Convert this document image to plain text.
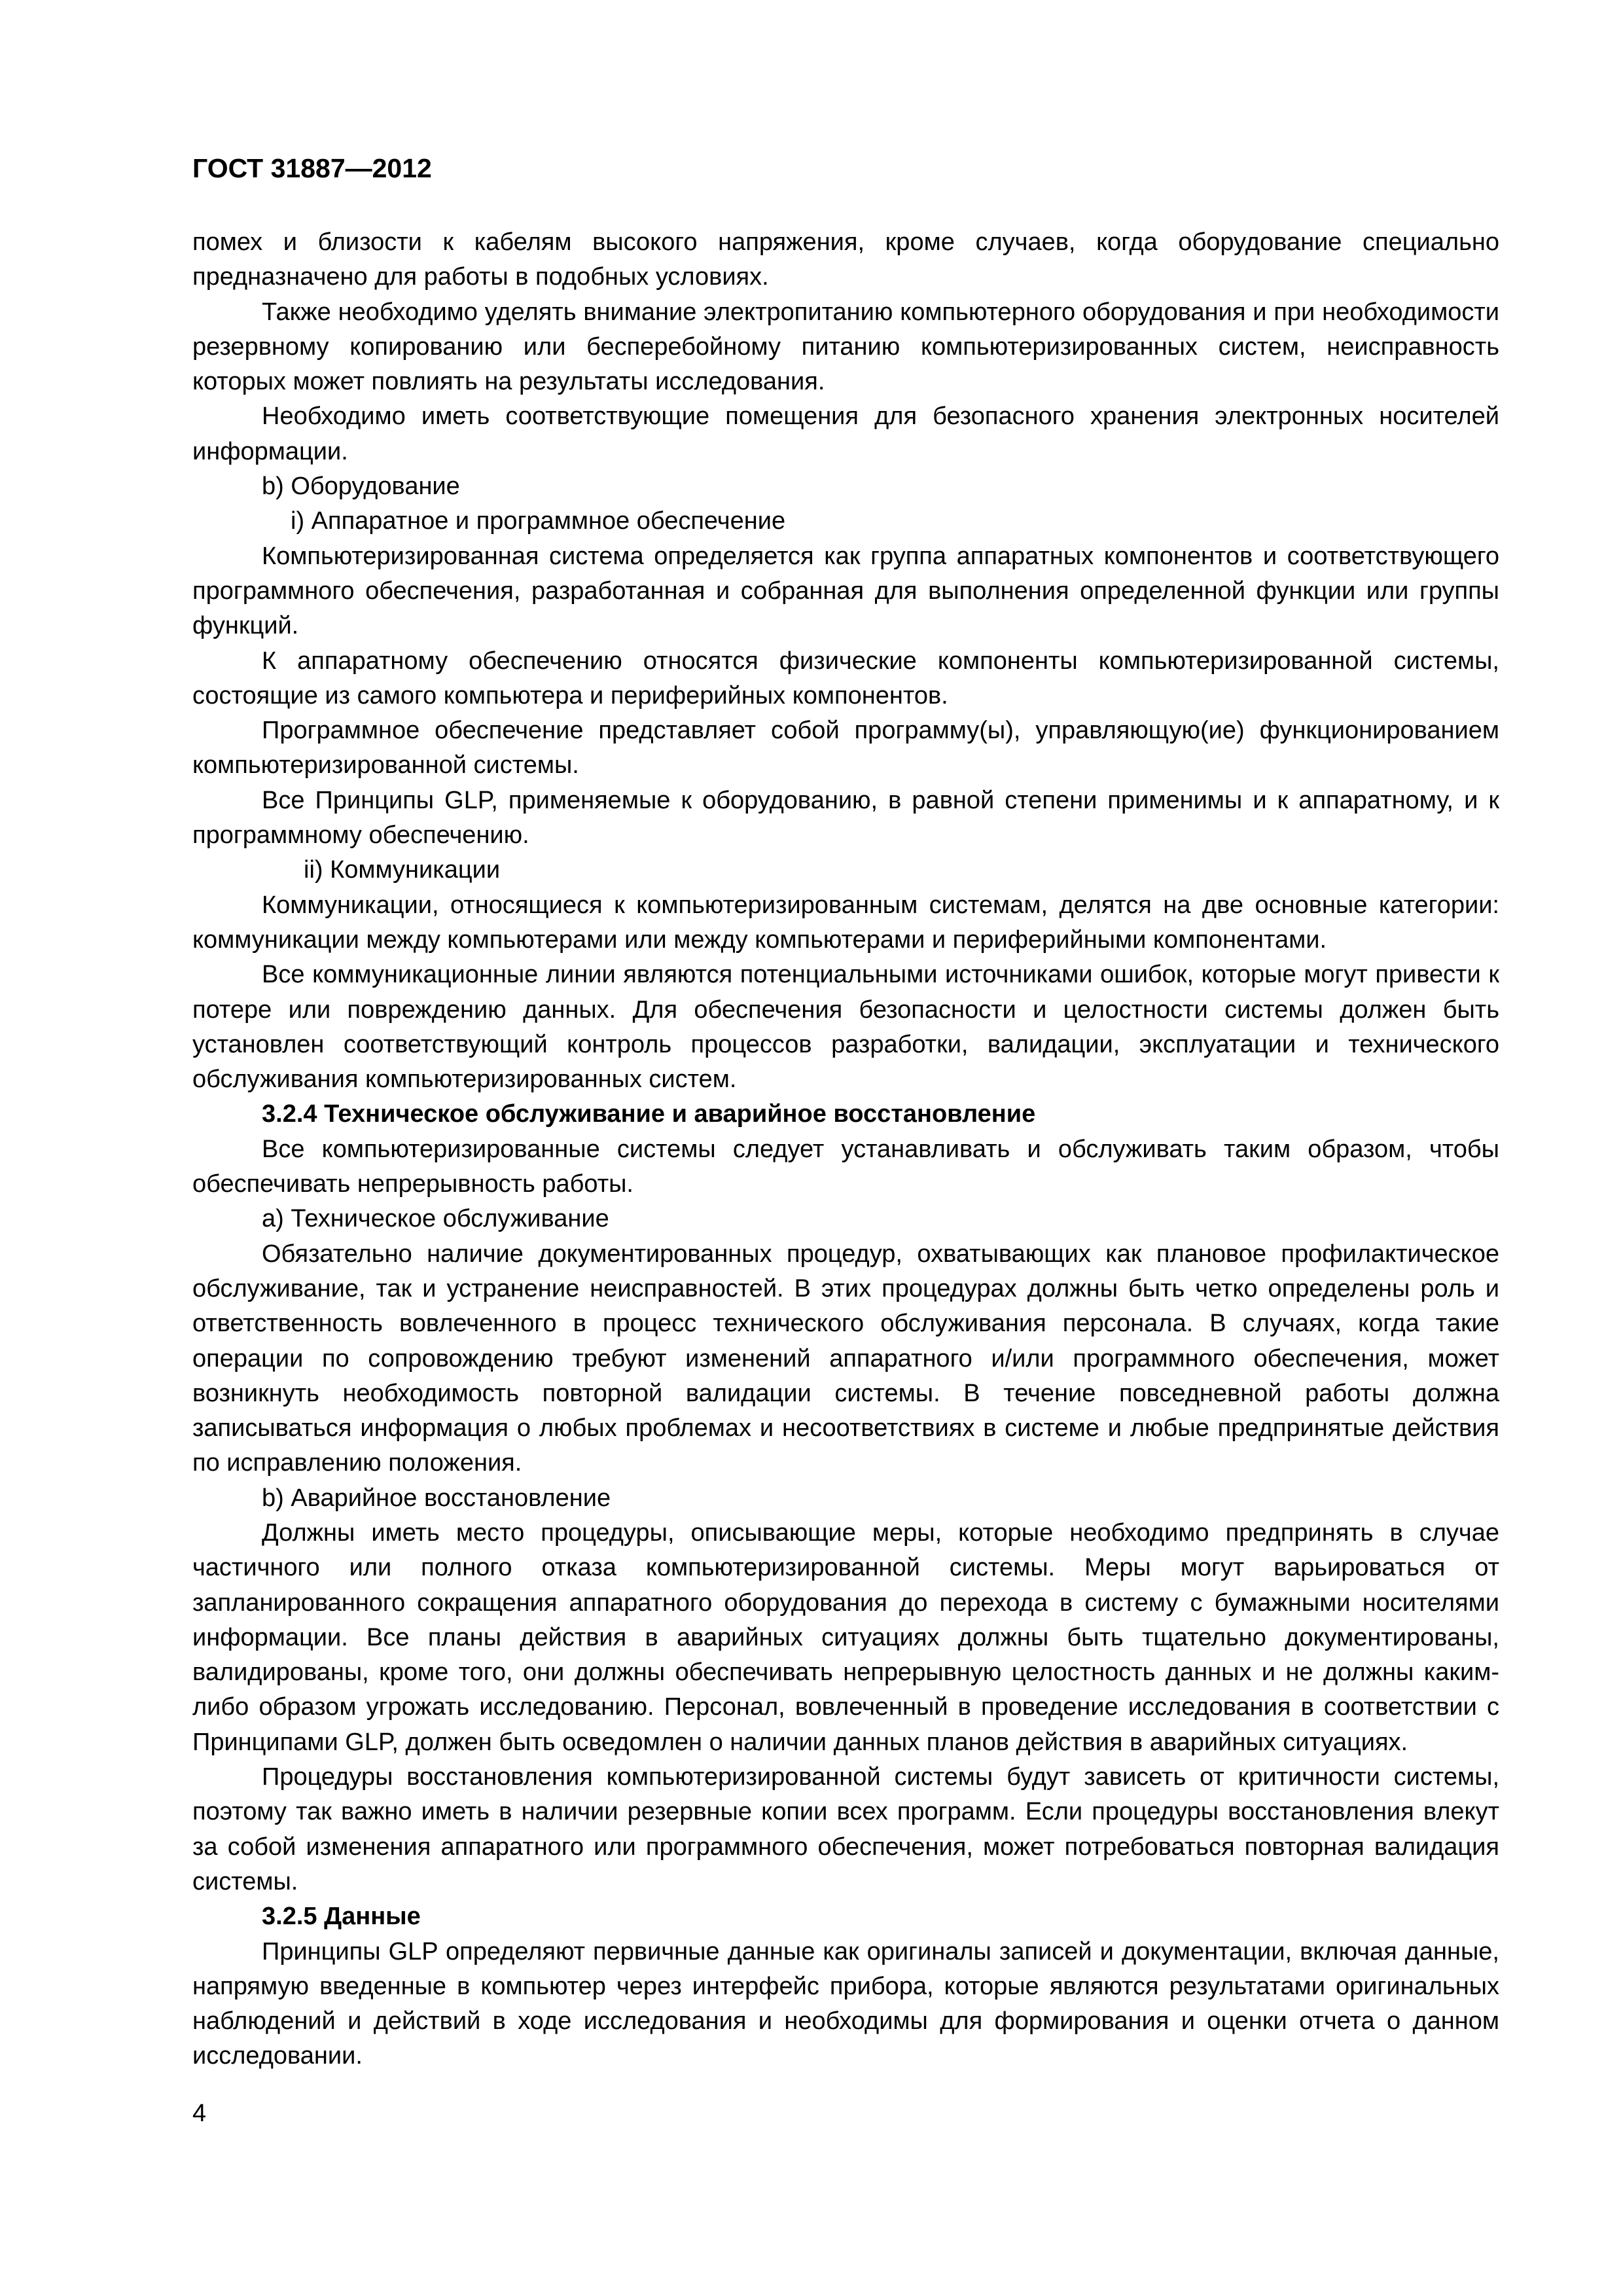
ГОСТ 31887—2012

помех и близости к кабелям высокого напряжения, кроме случаев, когда оборудование специально предназначено для работы в подобных условиях.

Также необходимо уделять внимание электропитанию компьютерного оборудования и при необходимости резервному копированию или бесперебойному питанию компьютеризированных систем, неисправность которых может повлиять на результаты исследования.

Необходимо иметь соответствующие помещения для безопасного хранения электронных носителей информации.

b) Оборудование

i) Аппаратное и программное обеспечение

Компьютеризированная система определяется как группа аппаратных компонентов и соответствующего программного обеспечения, разработанная и собранная для выполнения определенной функции или группы функций.

К аппаратному обеспечению относятся физические компоненты компьютеризированной системы, состоящие из самого компьютера и периферийных компонентов.

Программное обеспечение представляет собой программу(ы), управляющую(ие) функционированием компьютеризированной системы.

Все Принципы GLP, применяемые к оборудованию, в равной степени применимы и к аппаратному, и к программному обеспечению.

ii) Коммуникации

Коммуникации, относящиеся к компьютеризированным системам, делятся на две основные категории: коммуникации между компьютерами или между компьютерами и периферийными компонентами.

Все коммуникационные линии являются потенциальными источниками ошибок, которые могут привести к потере или повреждению данных. Для обеспечения безопасности и целостности системы должен быть установлен соответствующий контроль процессов разработки, валидации, эксплуатации и технического обслуживания компьютеризированных систем.

3.2.4 Техническое обслуживание и аварийное восстановление

Все компьютеризированные системы следует устанавливать и обслуживать таким образом, чтобы обеспечивать непрерывность работы.

a) Техническое обслуживание

Обязательно наличие документированных процедур, охватывающих как плановое профилактическое обслуживание, так и устранение неисправностей. В этих процедурах должны быть четко определены роль и ответственность вовлеченного в процесс технического обслуживания персонала. В случаях, когда такие операции по сопровождению требуют изменений аппаратного и/или программного обеспечения, может возникнуть необходимость повторной валидации системы. В течение повседневной работы должна записываться информация о любых проблемах и несоответствиях в системе и любые предпринятые действия по исправлению положения.

b) Аварийное восстановление

Должны иметь место процедуры, описывающие меры, которые необходимо предпринять в случае частичного или полного отказа компьютеризированной системы. Меры могут варьироваться от запланированного сокращения аппаратного оборудования до перехода в систему с бумажными носителями информации. Все планы действия в аварийных ситуациях должны быть тщательно документированы, валидированы, кроме того, они должны обеспечивать непрерывную целостность данных и не должны каким-либо образом угрожать исследованию. Персонал, вовлеченный в проведение исследования в соответствии с Принципами GLP, должен быть осведомлен о наличии данных планов действия в аварийных ситуациях.

Процедуры восстановления компьютеризированной системы будут зависеть от критичности системы, поэтому так важно иметь в наличии резервные копии всех программ. Если процедуры восстановления влекут за собой изменения аппаратного или программного обеспечения, может потребоваться повторная валидация системы.

3.2.5 Данные

Принципы GLP определяют первичные данные как оригиналы записей и документации, включая данные, напрямую введенные в компьютер через интерфейс прибора, которые являются результатами оригинальных наблюдений и действий в ходе исследования и необходимы для формирования и оценки отчета о данном исследовании.

4
